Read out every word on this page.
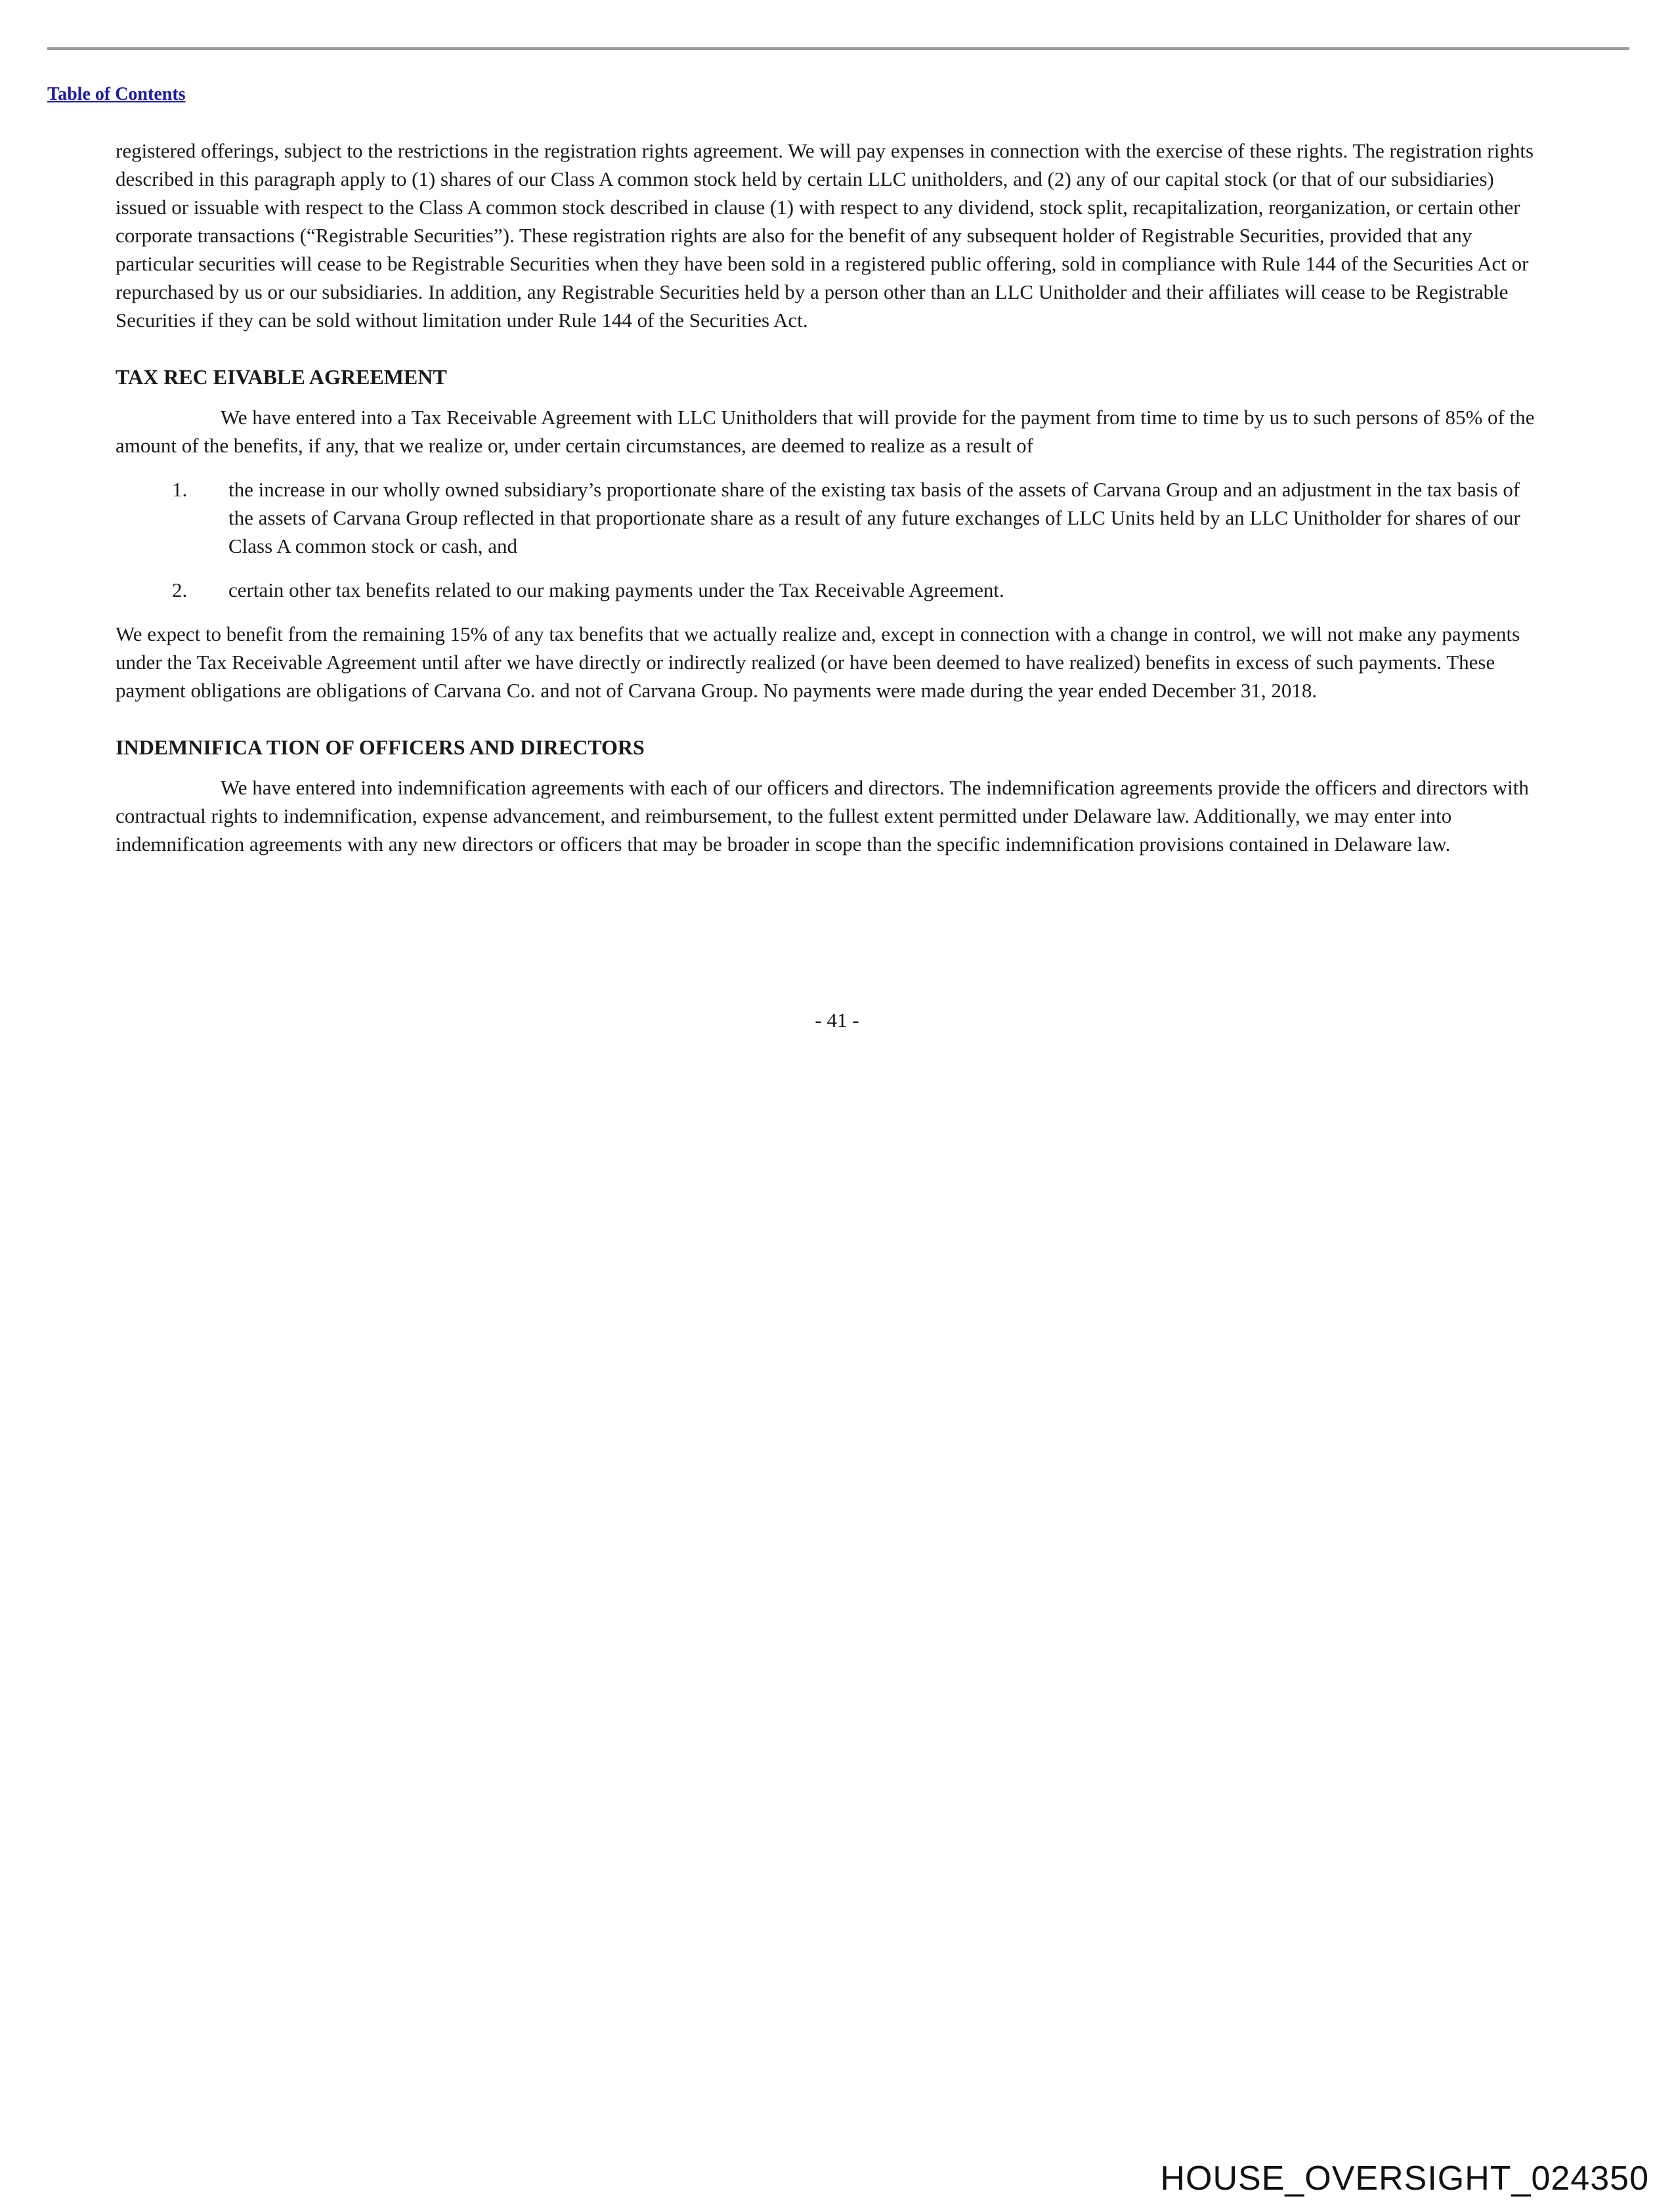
Table of Contents

registered offerings, subject to the restrictions in the registration rights agreement. We will pay expenses in connection with the exercise of these rights. The registration rights described in this paragraph apply to (1) shares of our Class A common stock held by certain LLC unitholders, and (2) any of our capital stock (or that of our subsidiaries) issued or issuable with respect to the Class A common stock described in clause (1) with respect to any dividend, stock split, recapitalization, reorganization, or certain other corporate transactions (“Registrable Securities”). These registration rights are also for the benefit of any subsequent holder of Registrable Securities, provided that any particular securities will cease to be Registrable Securities when they have been sold in a registered public offering, sold in compliance with Rule 144 of the Securities Act or repurchased by us or our subsidiaries. In addition, any Registrable Securities held by a person other than an LLC Unitholder and their affiliates will cease to be Registrable Securities if they can be sold without limitation under Rule 144 of the Securities Act.

TAX REC EIVABLE AGREEMENT

We have entered into a Tax Receivable Agreement with LLC Unitholders that will provide for the payment from time to time by us to such persons of 85% of the amount of the benefits, if any, that we realize or, under certain circumstances, are deemed to realize as a result of

1. the increase in our wholly owned subsidiary’s proportionate share of the existing tax basis of the assets of Carvana Group and an adjustment in the tax basis of the assets of Carvana Group reflected in that proportionate share as a result of any future exchanges of LLC Units held by an LLC Unitholder for shares of our Class A common stock or cash, and
2. certain other tax benefits related to our making payments under the Tax Receivable Agreement.

We expect to benefit from the remaining 15% of any tax benefits that we actually realize and, except in connection with a change in control, we will not make any payments under the Tax Receivable Agreement until after we have directly or indirectly realized (or have been deemed to have realized) benefits in excess of such payments. These payment obligations are obligations of Carvana Co. and not of Carvana Group. No payments were made during the year ended December 31, 2018.

INDEMNIFICA TION OF OFFICERS AND DIRECTORS

We have entered into indemnification agreements with each of our officers and directors. The indemnification agreements provide the officers and directors with contractual rights to indemnification, expense advancement, and reimbursement, to the fullest extent permitted under Delaware law. Additionally, we may enter into indemnification agreements with any new directors or officers that may be broader in scope than the specific indemnification provisions contained in Delaware law.

- 41 -
HOUSE_OVERSIGHT_024350
